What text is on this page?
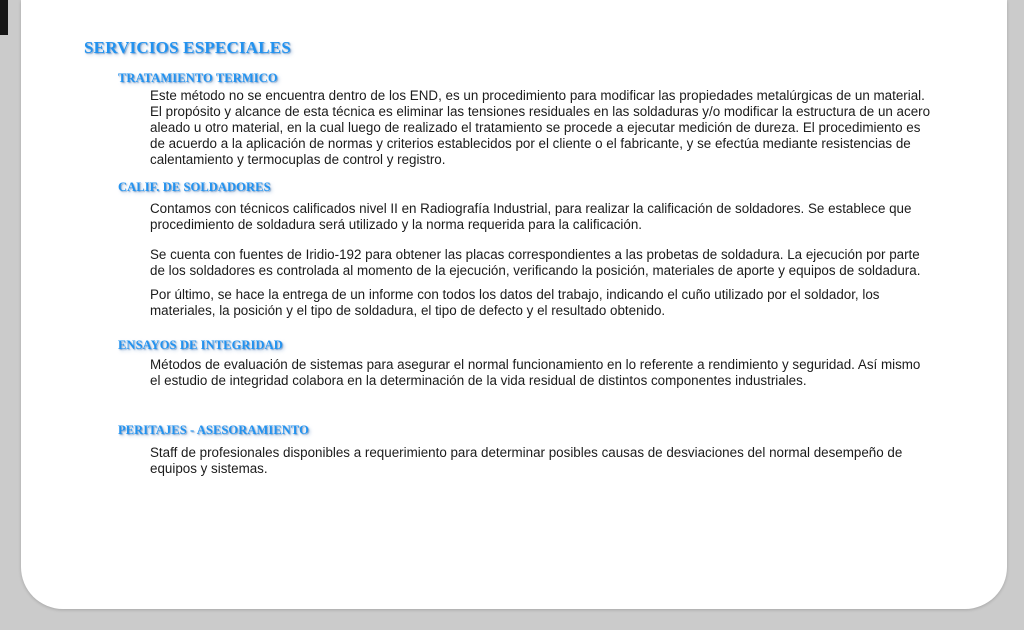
SERVICIOS ESPECIALES
TRATAMIENTO TERMICO

Este método no se encuentra dentro de los END, es un procedimiento para modificar las propiedades metalúrgicas de un material. El propósito y alcance de esta técnica es eliminar las tensiones residuales en las soldaduras y/o modificar la estructura de un acero aleado u otro material, en la cual luego de realizado el tratamiento se procede a ejecutar medición de dureza. El procedimiento es de acuerdo a la aplicación de normas y criterios establecidos por el cliente o el fabricante, y se efectúa mediante resistencias de calentamiento y termocuplas de control y registro.

CALIF. DE SOLDADORES

Contamos con técnicos calificados nivel II en Radiografía Industrial, para realizar la calificación de soldadores. Se establece que procedimiento de soldadura será utilizado y la norma requerida para la calificación.

Se cuenta con fuentes de Iridio-192 para obtener las placas correspondientes a las probetas de soldadura. La ejecución por parte de los soldadores es controlada al momento de la ejecución, verificando la posición, materiales de aporte y equipos de soldadura.

Por último, se hace la entrega de un informe con todos los datos del trabajo, indicando el cuño utilizado por el soldador, los materiales, la posición y el tipo de soldadura, el tipo de defecto y el resultado obtenido.

ENSAYOS DE INTEGRIDAD

Métodos de evaluación de sistemas para asegurar el normal funcionamiento en lo referente a rendimiento y seguridad. Así mismo el estudio de integridad colabora en la determinación de la vida residual de distintos componentes industriales.

PERITAJES - ASESORAMIENTO

Staff de profesionales disponibles a requerimiento para determinar posibles causas de desviaciones del normal desempeño de equipos y sistemas.
